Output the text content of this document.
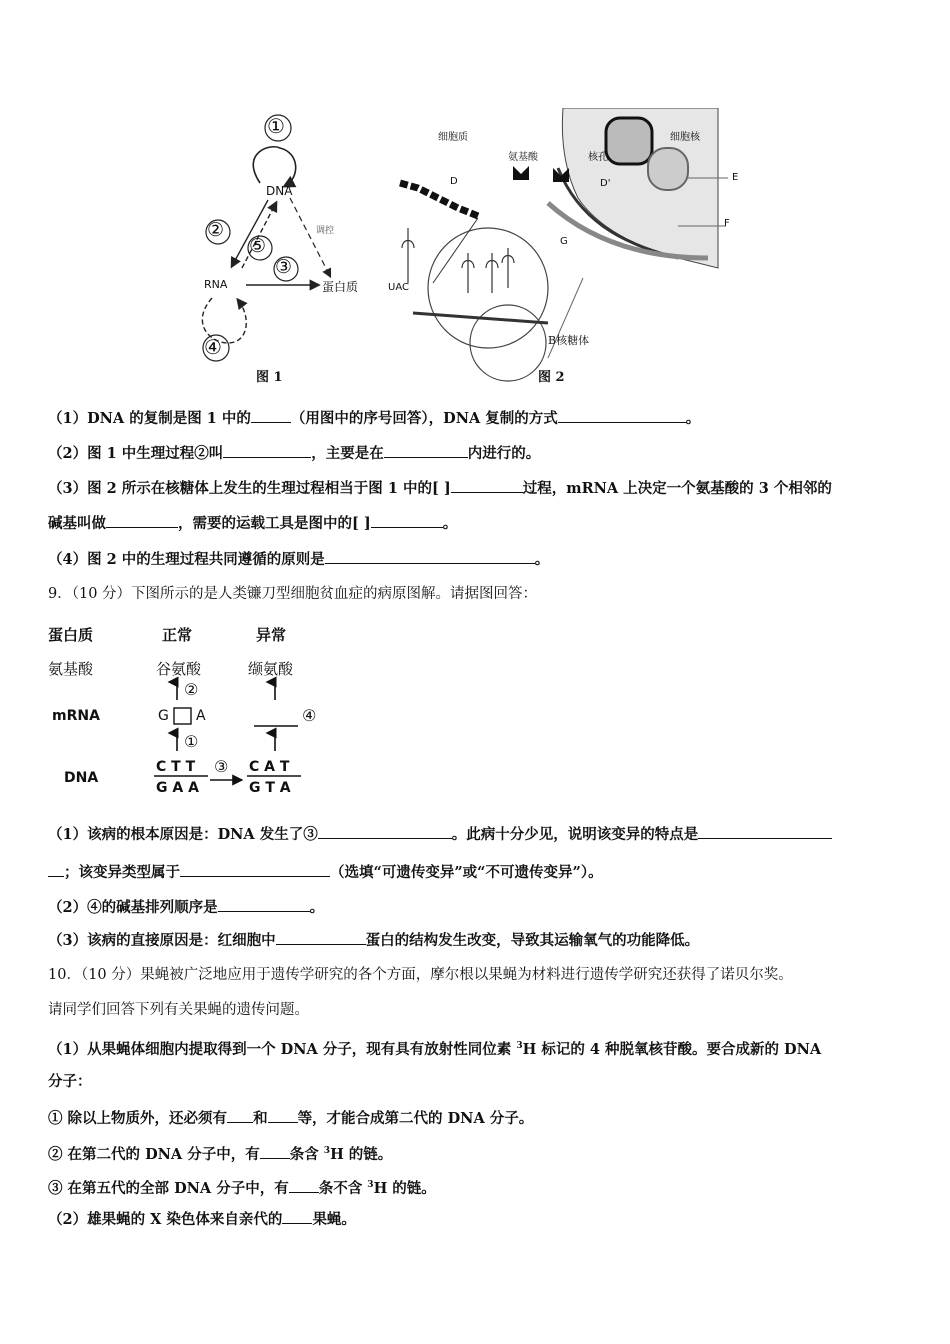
①
DNA
②
⑤
调控
③
RNA	蛋白质
④
图 1
细胞质
氨基酸
细胞核
核孔
D	D'
E
F
G
UAC
B核糖体
图 2
（1）DNA 的复制是图 1 中的	（用图中的序号回答），DNA 复制的方式	。
（2）图 1 中生理过程②叫	，主要是在	内进行的。
（3）图 2 所示在核糖体上发生的生理过程相当于图 1 中的[ ]	过程，mRNA 上决定一个氨基酸的 3 个相邻的
碱基叫做	，需要的运载工具是图中的[ ]	。
（4）图 2 中的生理过程共同遵循的原则是	。
9．（10 分）下图所示的是人类镰刀型细胞贫血症的病原图解。请据图回答：
蛋白质	正常	异常
氨基酸	谷氨酸	缬氨酸
②
mRNA	G A	④
①
DNA
C T T
G A A
③ C A T
G T A
（1）该病的根本原因是：DNA 发生了③	。此病十分少见，说明该变异的特点是
；该变异类型属于	（选填“可遗传变异”或“不可遗传变异”）。
（2）④的碱基排列顺序是	。
（3）该病的直接原因是：红细胞中	蛋白的结构发生改变，导致其运输氧气的功能降低。
10．（10 分）果蝇被广泛地应用于遗传学研究的各个方面，摩尔根以果蝇为材料进行遗传学研究还获得了诺贝尔奖。
请同学们回答下列有关果蝇的遗传问题。
（1）从果蝇体细胞内提取得到一个 DNA 分子，现有具有放射性同位素 $^3$H 标记的 4 种脱氧核苷酸。要合成新的 DNA
分子：
① 除以上物质外，还必须有 和 等，才能合成第二代的 DNA 分子。
② 在第二代的 DNA 分子中，有 条含 $^3$H 的链。
③ 在第五代的全部 DNA 分子中，有 条不含 $^3$H 的链。
（2）雄果蝇的 X 染色体来自亲代的 果蝇。
